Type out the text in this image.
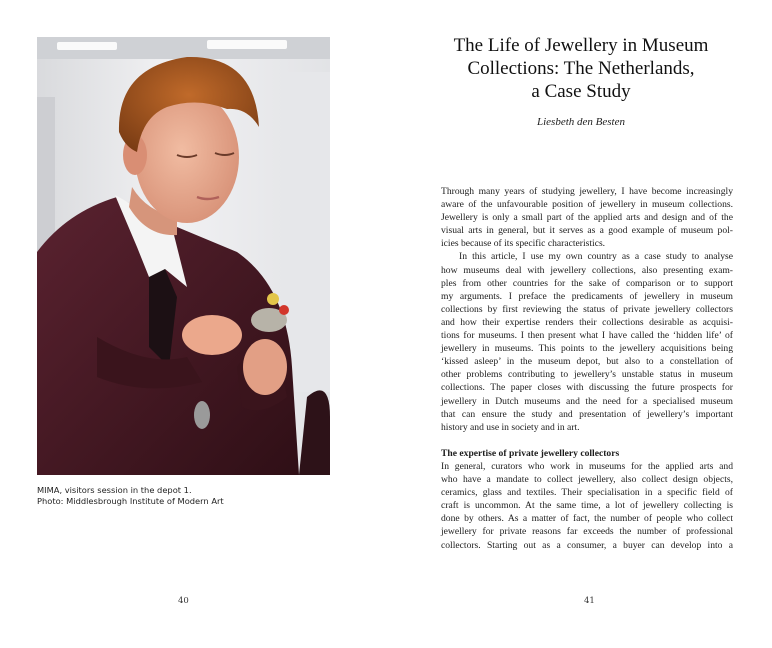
MIMA, visitors session in the depot 1.
Photo: Middlesbrough Institute of Modern Art
40
The Life of Jewellery in Museum
Collections: The Netherlands,
a Case Study
Liesbeth den Besten
Through many years of studying jewellery, I have become increasingly
aware of the unfavourable position of jewellery in museum collections.
Jewellery is only a small part of the applied arts and design and of the
visual arts in general, but it serves as a good example of museum pol-
icies because of its specific characteristics.
In this article, I use my own country as a case study to analyse
how museums deal with jewellery collections, also presenting exam-
ples from other countries for the sake of comparison or to support
my arguments. I preface the predicaments of jewellery in museum
collections by first reviewing the status of private jewellery collectors
and how their expertise renders their collections desirable as acquisi-
tions for museums. I then present what I have called the ‘hidden life’ of
jewellery in museums. This points to the jewellery acquisitions being
‘kissed asleep’ in the museum depot, but also to a constellation of
other problems contributing to jewellery’s unstable status in museum
collections. The paper closes with discussing the future prospects for
jewellery in Dutch museums and the need for a specialised museum
that can ensure the study and presentation of jewellery’s important
history and use in society and in art.
The expertise of private jewellery collectors
In general, curators who work in museums for the applied arts and
who have a mandate to collect jewellery, also collect design objects,
ceramics, glass and textiles. Their specialisation in a specific field of
craft is uncommon. At the same time, a lot of jewellery collecting is
done by others. As a matter of fact, the number of people who collect
jewellery for private reasons far exceeds the number of professional
collectors. Starting out as a consumer, a buyer can develop into a
41
